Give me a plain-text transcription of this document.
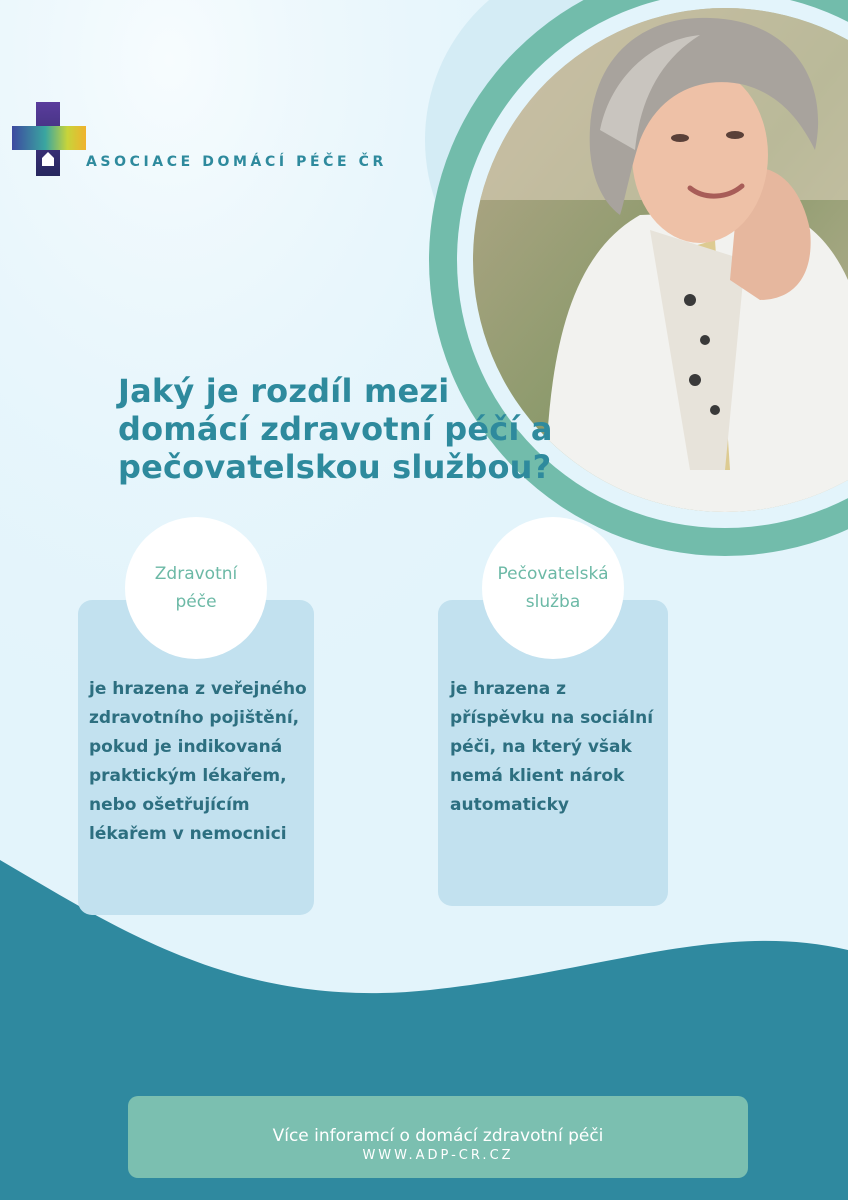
ASOCIACE DOMÁCÍ PÉČE ČR
Jaký je rozdíl mezi domácí zdravotní péčí a pečovatelskou službou?
Zdravotní
péče

je hrazena z veřejného zdravotního pojištění, pokud je indikovaná praktickým lékařem, nebo ošetřujícím lékařem v nemocnici

Pečovatelská
služba

je hrazena z příspěvku na sociální péči, na který však nemá klient nárok automaticky

Více inforamcí o domácí zdravotní péči
WWW.ADP-CR.CZ
